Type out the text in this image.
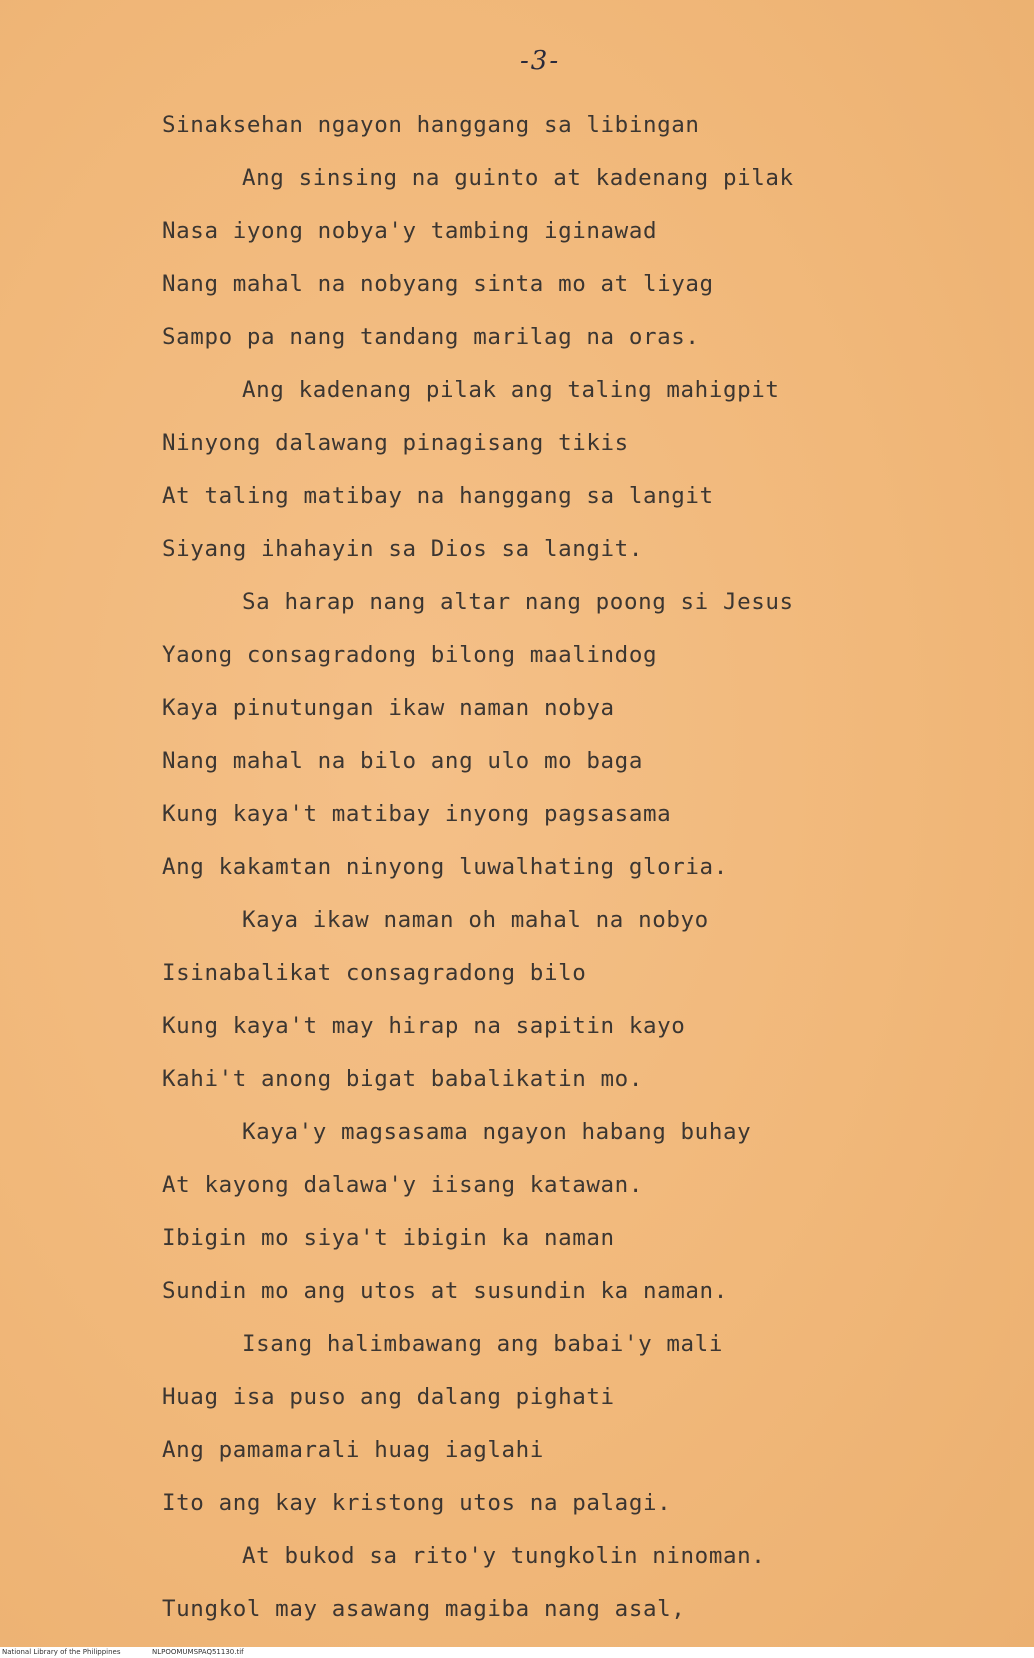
-3-
Sinaksehan ngayon hanggang sa libingan
Ang sinsing na guinto at kadenang pilak
Nasa iyong nobya'y tambing iginawad
Nang mahal na nobyang sinta mo at liyag
Sampo pa nang tandang marilag na oras.
Ang kadenang pilak ang taling mahigpit
Ninyong dalawang pinagisang tikis
At taling matibay na hanggang sa langit
Siyang ihahayin sa Dios sa langit.
Sa harap nang altar nang poong si Jesus
Yaong consagradong bilong maalindog
Kaya pinutungan ikaw naman nobya
Nang mahal na bilo ang ulo mo baga
Kung kaya't matibay inyong pagsasama
Ang kakamtan ninyong luwalhating gloria.
Kaya ikaw naman oh mahal na nobyo
Isinabalikat consagradong bilo
Kung kaya't may hirap na sapitin kayo
Kahi't anong bigat babalikatin mo.
Kaya'y magsasama ngayon habang buhay
At kayong dalawa'y iisang katawan.
Ibigin mo siya't ibigin ka naman
Sundin mo ang utos at susundin ka naman.
Isang halimbawang ang babai'y mali
Huag isa puso ang dalang pighati
Ang pamamarali huag iaglahi
Ito ang kay kristong utos na palagi.
At bukod sa rito'y tungkolin ninoman.
Tungkol may asawang magiba nang asal,
National Library of the Philippines	NLPOOMUMSPAQ51130.tif
